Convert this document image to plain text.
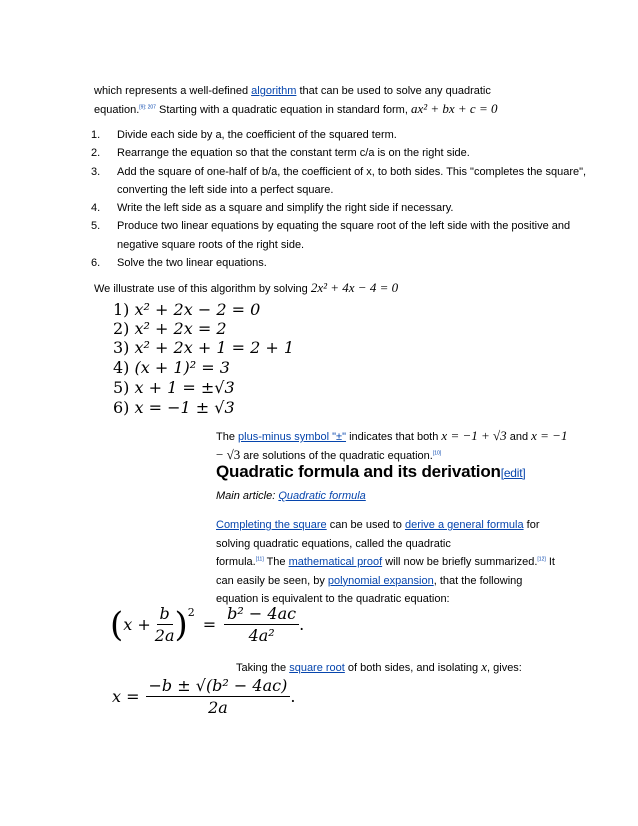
which represents a well-defined algorithm that can be used to solve any quadratic
equation.$^{[9]: 207}$ Starting with a quadratic equation in standard form, ax² + bx + c = 0
1. Divide each side by a, the coefficient of the squared term.
2. Rearrange the equation so that the constant term c/a is on the right side.
3. Add the square of one-half of b/a, the coefficient of x, to both sides. This "completes the square", converting the left side into a perfect square.
4. Write the left side as a square and simplify the right side if necessary.
5. Produce two linear equations by equating the square root of the left side with the positive and negative square roots of the right side.
6. Solve the two linear equations.
We illustrate use of this algorithm by solving 2x² + 4x − 4 = 0
1) x² + 2x − 2 = 0
2) x² + 2x = 2
3) x² + 2x + 1 = 2 + 1
4) (x + 1)² = 3
5) x + 1 = ±√3
6) x = −1 ± √3
The plus-minus symbol "±" indicates that both x = −1 + √3 and x = −1
− √3 are solutions of the quadratic equation.[10]
Quadratic formula and its derivation[edit]
Main article: Quadratic formula
Completing the square can be used to derive a general formula for
solving quadratic equations, called the quadratic
formula.[11] The mathematical proof will now be briefly summarized.[12] It
can easily be seen, by polynomial expansion, that the following
equation is equivalent to the quadratic equation:
( $x + \frac{b}{2a}$ ) 2
= $\frac{\text{b² − 4ac}}{\text{4a²}}$ .
Taking the square root of both sides, and isolating x, gives:
$x = \frac{\text{−b ± √(b² − 4ac)}}{2a}$ .
